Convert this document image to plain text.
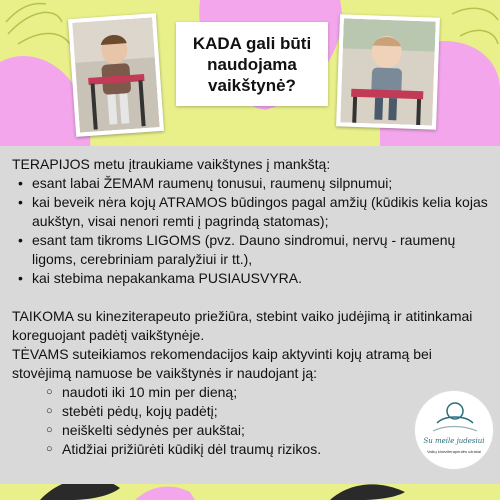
KADA gali būti
naudojama
vaikštynė?

TERAPIJOS metu įtraukiame vaikštynes į mankštą:

• esant labai ŽEMAM raumenų tonusui, raumenų silpnumui;
• kai beveik nėra kojų ATRAMOS būdingos pagal amžių (kūdikis kelia kojas aukštyn, visai nenori remti į pagrindą statomas);
• esant tam tikroms LIGOMS (pvz. Dauno sindromui, nervų - raumenų ligoms, cerebriniam paralyžiui ir tt.),
• kai stebima nepakankama PUSIAUSVYRA.

TAIKOMA su kineziterapeuto priežiūra, stebint vaiko judėjimą ir atitinkamai koreguojant padėtį vaikštynėje.

TĖVAMS suteikiamos rekomendacijos kaip aktyvinti kojų atramą bei stovėjimą namuose be vaikštynės ir naudojant ją:

○ naudoti iki 10 min per dieną;
○ stebėti pėdų, kojų padėtį;
○ neiškelti sėdynės per aukštai;
○ Atidžiai prižiūrėti kūdikį dėl traumų rizikos.	Su meile judesiui
Vaikų kineziterapeutės užrašai
